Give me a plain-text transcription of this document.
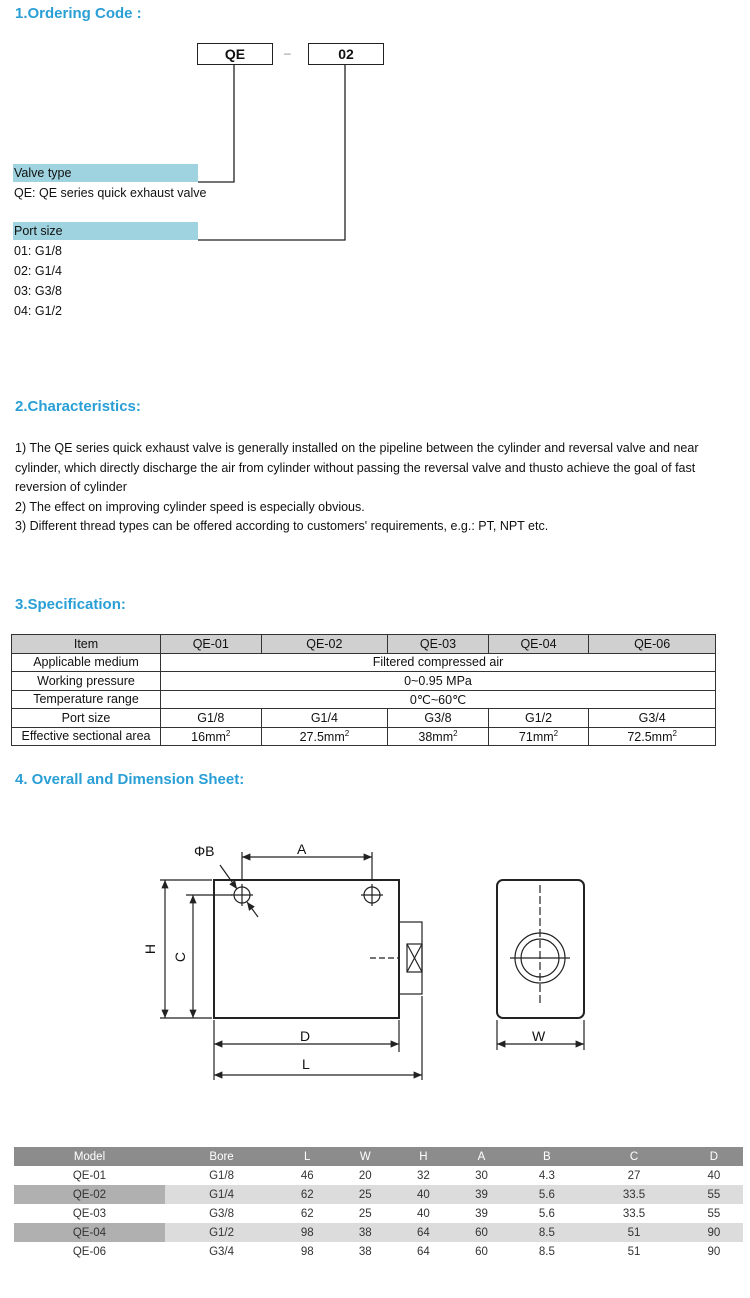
1.Ordering Code :
QE	–	02
Valve type
QE: QE series quick exhaust valve
Port size
01: G1/8
02: G1/4
03: G3/8
04: G1/2
2.Characteristics:
1) The QE series quick exhaust valve is generally installed on the pipeline between the cylinder and reversal valve and near cylinder, which directly discharge the air from cylinder without passing the reversal valve and thusto achieve the goal of fast reversion of cylinder
2) The effect on improving cylinder speed is especially obvious.
3) Different thread types can be offered according to customers' requirements, e.g.: PT, NPT etc.
3.Specification:
Item	QE-01	QE-02	QE-03	QE-04	QE-06
Applicable medium	Filtered compressed air				
Working pressure	0~0.95 MPa				
Temperature range	0℃~60℃				
Port size	G1/8	G1/4	G3/8	G1/2	G3/4
Effective sectional area	$16mm^2$	$27.5mm^2$	$38mm^2$	$71mm^2$	$72.5mm^2$
4. Overall and Dimension Sheet:
ΦB	A
H
C
D
L
W
Model	Bore	L	W	H	A	B	C	D
QE-01	G1/8	46	20	32	30	4.3	27	40
QE-02	G1/4	62	25	40	39	5.6	33.5	55
QE-03	G3/8	62	25	40	39	5.6	33.5	55
QE-04	G1/2	98	38	64	60	8.5	51	90
QE-06	G3/4	98	38	64	60	8.5	51	90
